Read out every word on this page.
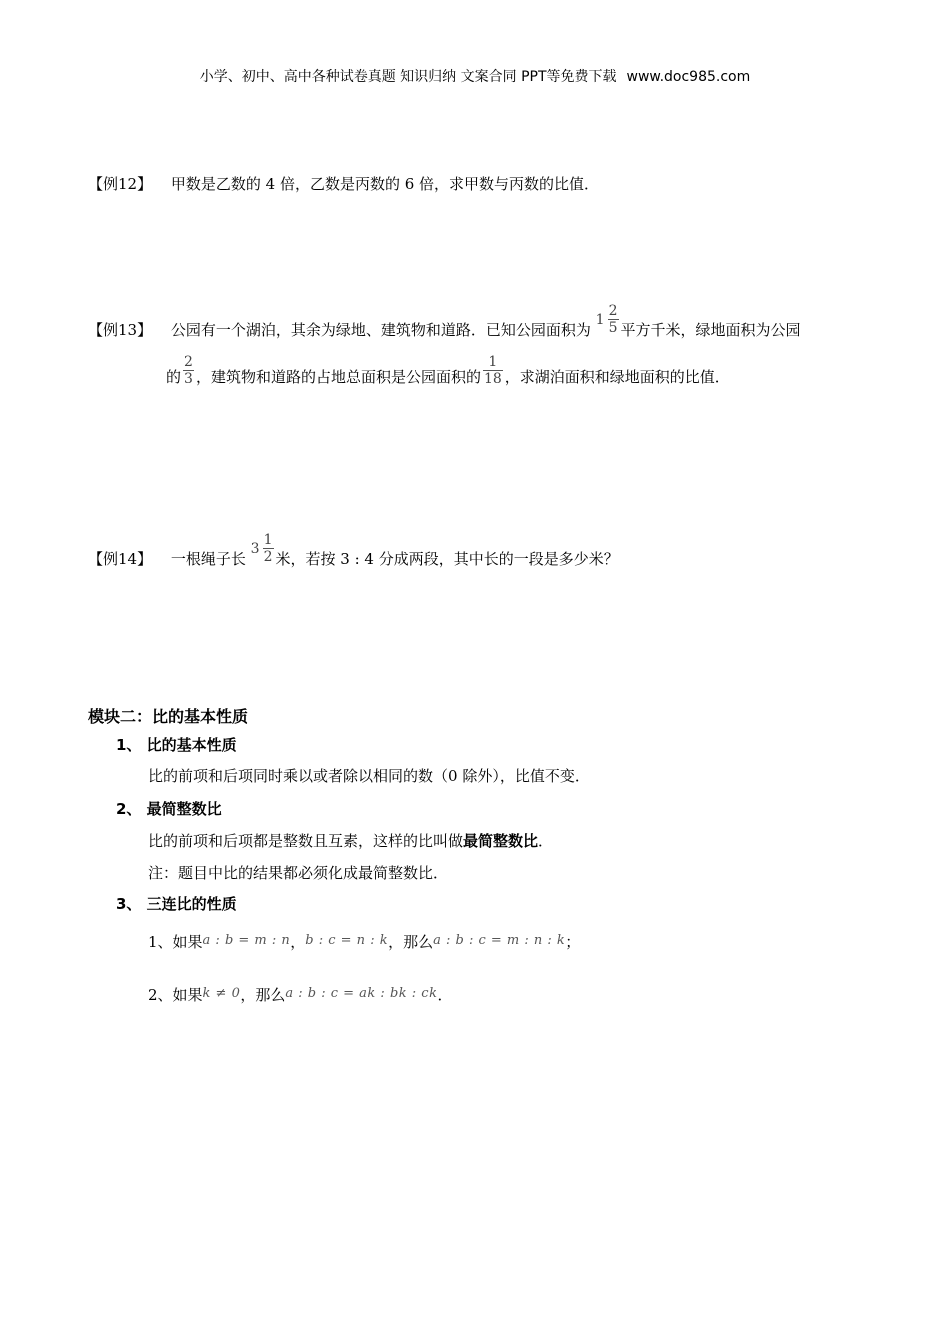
小学、初中、高中各种试卷真题 知识归纳 文案合同 PPT等免费下载 www.doc985.com
【例12】 甲数是乙数的 4 倍，乙数是丙数的 6 倍，求甲数与丙数的比值．
【例13】 公园有一个湖泊，其余为绿地、建筑物和道路．已知公园面积为 $1 \frac{2}{5}$ 平方千米，绿地面积为公园
的 $\frac{2}{3}$ ，建筑物和道路的占地总面积是公园面积的 $\frac{1}{18}$ ，求湖泊面积和绿地面积的比值．
【例14】 一根绳子长 $3 \frac{1}{2}$ 米，若按 3 : 4 分成两段，其中长的一段是多少米？
模块二：比的基本性质
1、 比的基本性质
比的前项和后项同时乘以或者除以相同的数（0 除外），比值不变．
2、 最简整数比
比的前项和后项都是整数且互素，这样的比叫做最简整数比．
注：题目中比的结果都必须化成最简整数比．
3、 三连比的性质
1、如果a : b = m : n，b : c = n : k，那么a : b : c = m : n : k；
2、如果k ≠ 0，那么a : b : c = ak : bk : ck．
